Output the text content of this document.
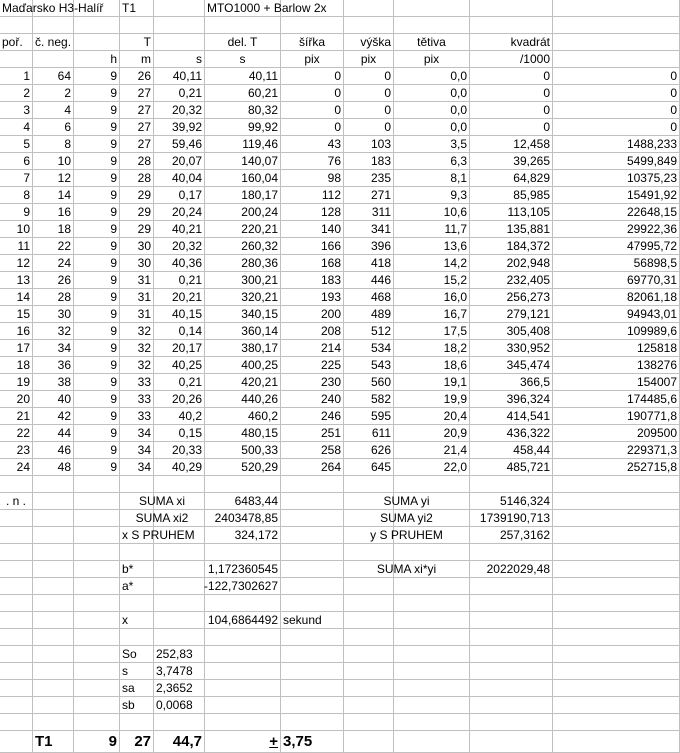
Maďarsko H3-Halíř	T1	MTO1000 + Barlow 2x
poř.	č. neg.	T	del. T	šířka	výška	tětiva	kvadrát
h	m	s	s	pix	pix	pix	/1000
1	64	9	26	40,11	40,11	0	0	0,0	0	0
2	2	9	27	0,21	60,21	0	0	0,0	0	0
3	4	9	27	20,32	80,32	0	0	0,0	0	0
4	6	9	27	39,92	99,92	0	0	0,0	0	0
5	8	9	27	59,46	119,46	43	103	3,5	12,458	1488,233
6	10	9	28	20,07	140,07	76	183	6,3	39,265	5499,849
7	12	9	28	40,04	160,04	98	235	8,1	64,829	10375,23
8	14	9	29	0,17	180,17	112	271	9,3	85,985	15491,92
9	16	9	29	20,24	200,24	128	311	10,6	113,105	22648,15
10	18	9	29	40,21	220,21	140	341	11,7	135,881	29922,36
11	22	9	30	20,32	260,32	166	396	13,6	184,372	47995,72
12	24	9	30	40,36	280,36	168	418	14,2	202,948	56898,5
13	26	9	31	0,21	300,21	183	446	15,2	232,405	69770,31
14	28	9	31	20,21	320,21	193	468	16,0	256,273	82061,18
15	30	9	31	40,15	340,15	200	489	16,7	279,121	94943,01
16	32	9	32	0,14	360,14	208	512	17,5	305,408	109989,6
17	34	9	32	20,17	380,17	214	534	18,2	330,952	125818
18	36	9	32	40,25	400,25	225	543	18,6	345,474	138276
19	38	9	33	0,21	420,21	230	560	19,1	366,5	154007
20	40	9	33	20,26	440,26	240	582	19,9	396,324	174485,6
21	42	9	33	40,2	460,2	246	595	20,4	414,541	190771,8
22	44	9	34	0,15	480,15	251	611	20,9	436,322	209500
23	46	9	34	20,33	500,33	258	626	21,4	458,44	229371,3
24	48	9	34	40,29	520,29	264	645	22,0	485,721	252715,8
. n .	SUMA xi	6483,44	SUMA yi	5146,324
SUMA xi2	2403478,85	SUMA yi2	1739190,713
x S PRUHEM	324,172	y S PRUHEM	257,3162
b*	1,172360545	SUMA xi*yi	2022029,48
a*	-122,7302627
x	104,6864492 sekund
So	252,83
s	3,7478
sa	2,3652
sb	0,0068
T1	9	27	44,7	+ 3,75
